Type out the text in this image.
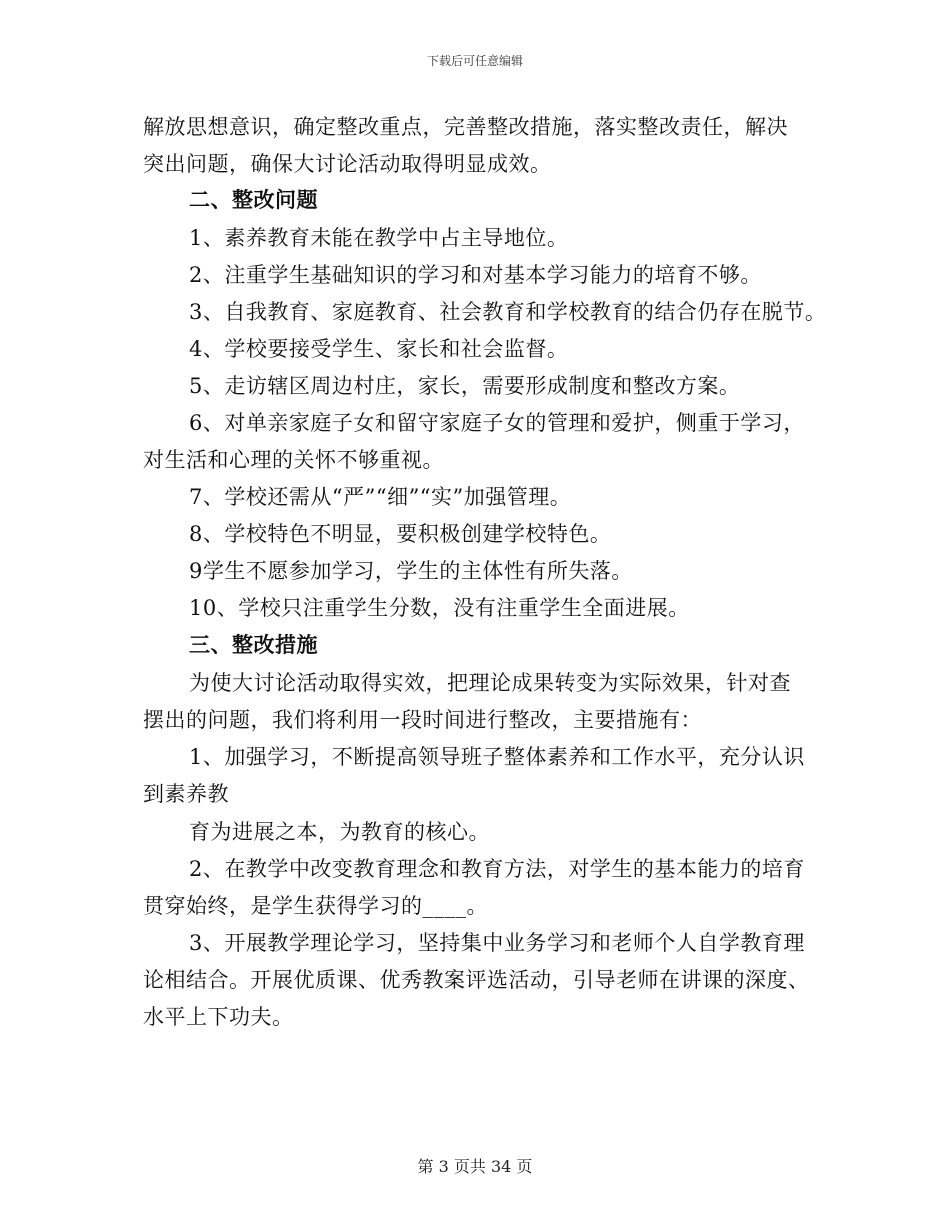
下载后可任意编辑
解放思想意识，确定整改重点，完善整改措施，落实整改责任，解决
突出问题，确保大讨论活动取得明显成效。
二、整改问题
1、素养教育未能在教学中占主导地位。
2、注重学生基础知识的学习和对基本学习能力的培育不够。
3、自我教育、家庭教育、社会教育和学校教育的结合仍存在脱节。
4、学校要接受学生、家长和社会监督。
5、走访辖区周边村庄，家长，需要形成制度和整改方案。
6、对单亲家庭子女和留守家庭子女的管理和爱护，侧重于学习，
对生活和心理的关怀不够重视。
7、学校还需从“严”“细”“实”加强管理。
8、学校特色不明显，要积极创建学校特色。
9学生不愿参加学习，学生的主体性有所失落。
10、学校只注重学生分数，没有注重学生全面进展。
三、整改措施
为使大讨论活动取得实效，把理论成果转变为实际效果，针对查
摆出的问题，我们将利用一段时间进行整改，主要措施有：
1、加强学习，不断提高领导班子整体素养和工作水平，充分认识
到素养教
育为进展之本，为教育的核心。
2、在教学中改变教育理念和教育方法，对学生的基本能力的培育
贯穿始终，是学生获得学习的____。
3、开展教学理论学习，坚持集中业务学习和老师个人自学教育理
论相结合。开展优质课、优秀教案评选活动，引导老师在讲课的深度、
水平上下功夫。
第 3 页共 34 页
